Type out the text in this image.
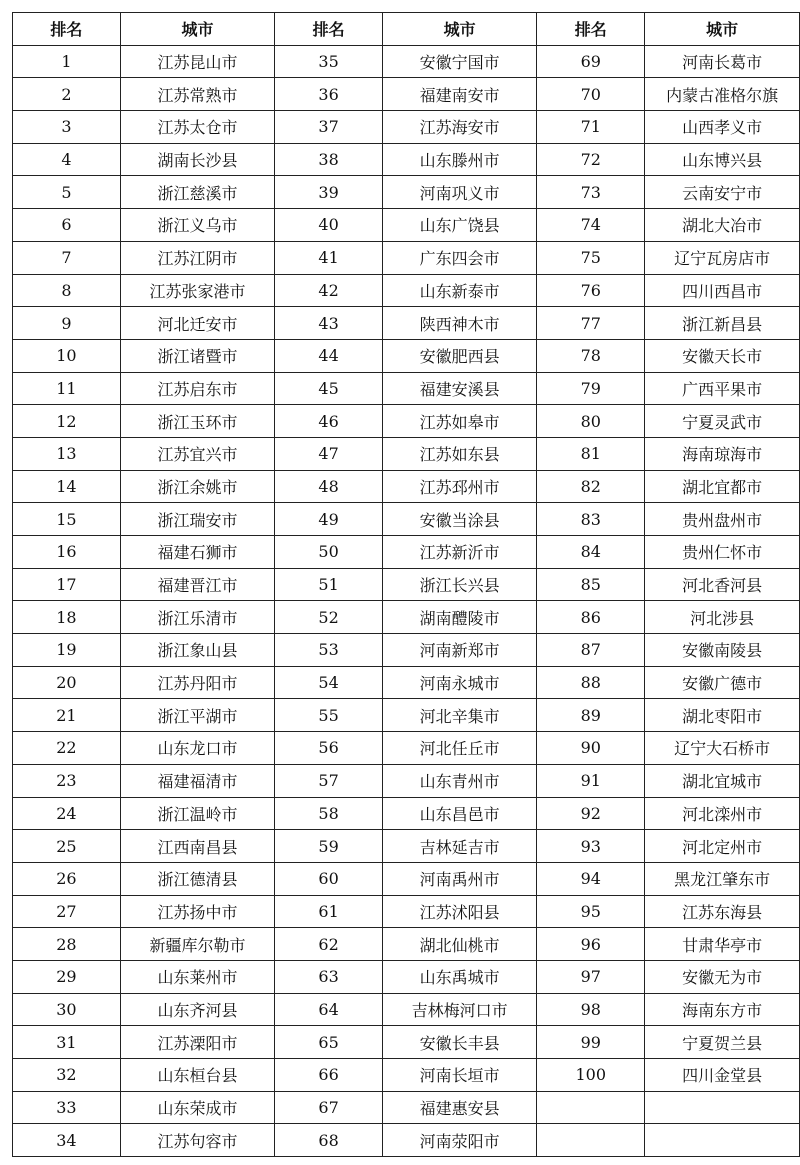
排名	城市	排名	城市	排名	城市
1	江苏昆山市	35	安徽宁国市	69	河南长葛市
2	江苏常熟市	36	福建南安市	70	内蒙古准格尔旗
3	江苏太仓市	37	江苏海安市	71	山西孝义市
4	湖南长沙县	38	山东滕州市	72	山东博兴县
5	浙江慈溪市	39	河南巩义市	73	云南安宁市
6	浙江义乌市	40	山东广饶县	74	湖北大冶市
7	江苏江阴市	41	广东四会市	75	辽宁瓦房店市
8	江苏张家港市	42	山东新泰市	76	四川西昌市
9	河北迁安市	43	陕西神木市	77	浙江新昌县
10	浙江诸暨市	44	安徽肥西县	78	安徽天长市
11	江苏启东市	45	福建安溪县	79	广西平果市
12	浙江玉环市	46	江苏如皋市	80	宁夏灵武市
13	江苏宜兴市	47	江苏如东县	81	海南琼海市
14	浙江余姚市	48	江苏邳州市	82	湖北宜都市
15	浙江瑞安市	49	安徽当涂县	83	贵州盘州市
16	福建石狮市	50	江苏新沂市	84	贵州仁怀市
17	福建晋江市	51	浙江长兴县	85	河北香河县
18	浙江乐清市	52	湖南醴陵市	86	河北涉县
19	浙江象山县	53	河南新郑市	87	安徽南陵县
20	江苏丹阳市	54	河南永城市	88	安徽广德市
21	浙江平湖市	55	河北辛集市	89	湖北枣阳市
22	山东龙口市	56	河北任丘市	90	辽宁大石桥市
23	福建福清市	57	山东青州市	91	湖北宜城市
24	浙江温岭市	58	山东昌邑市	92	河北滦州市
25	江西南昌县	59	吉林延吉市	93	河北定州市
26	浙江德清县	60	河南禹州市	94	黑龙江肇东市
27	江苏扬中市	61	江苏沭阳县	95	江苏东海县
28	新疆库尔勒市	62	湖北仙桃市	96	甘肃华亭市
29	山东莱州市	63	山东禹城市	97	安徽无为市
30	山东齐河县	64	吉林梅河口市	98	海南东方市
31	江苏溧阳市	65	安徽长丰县	99	宁夏贺兰县
32	山东桓台县	66	河南长垣市	100	四川金堂县
33	山东荣成市	67	福建惠安县		
34	江苏句容市	68	河南荥阳市		
